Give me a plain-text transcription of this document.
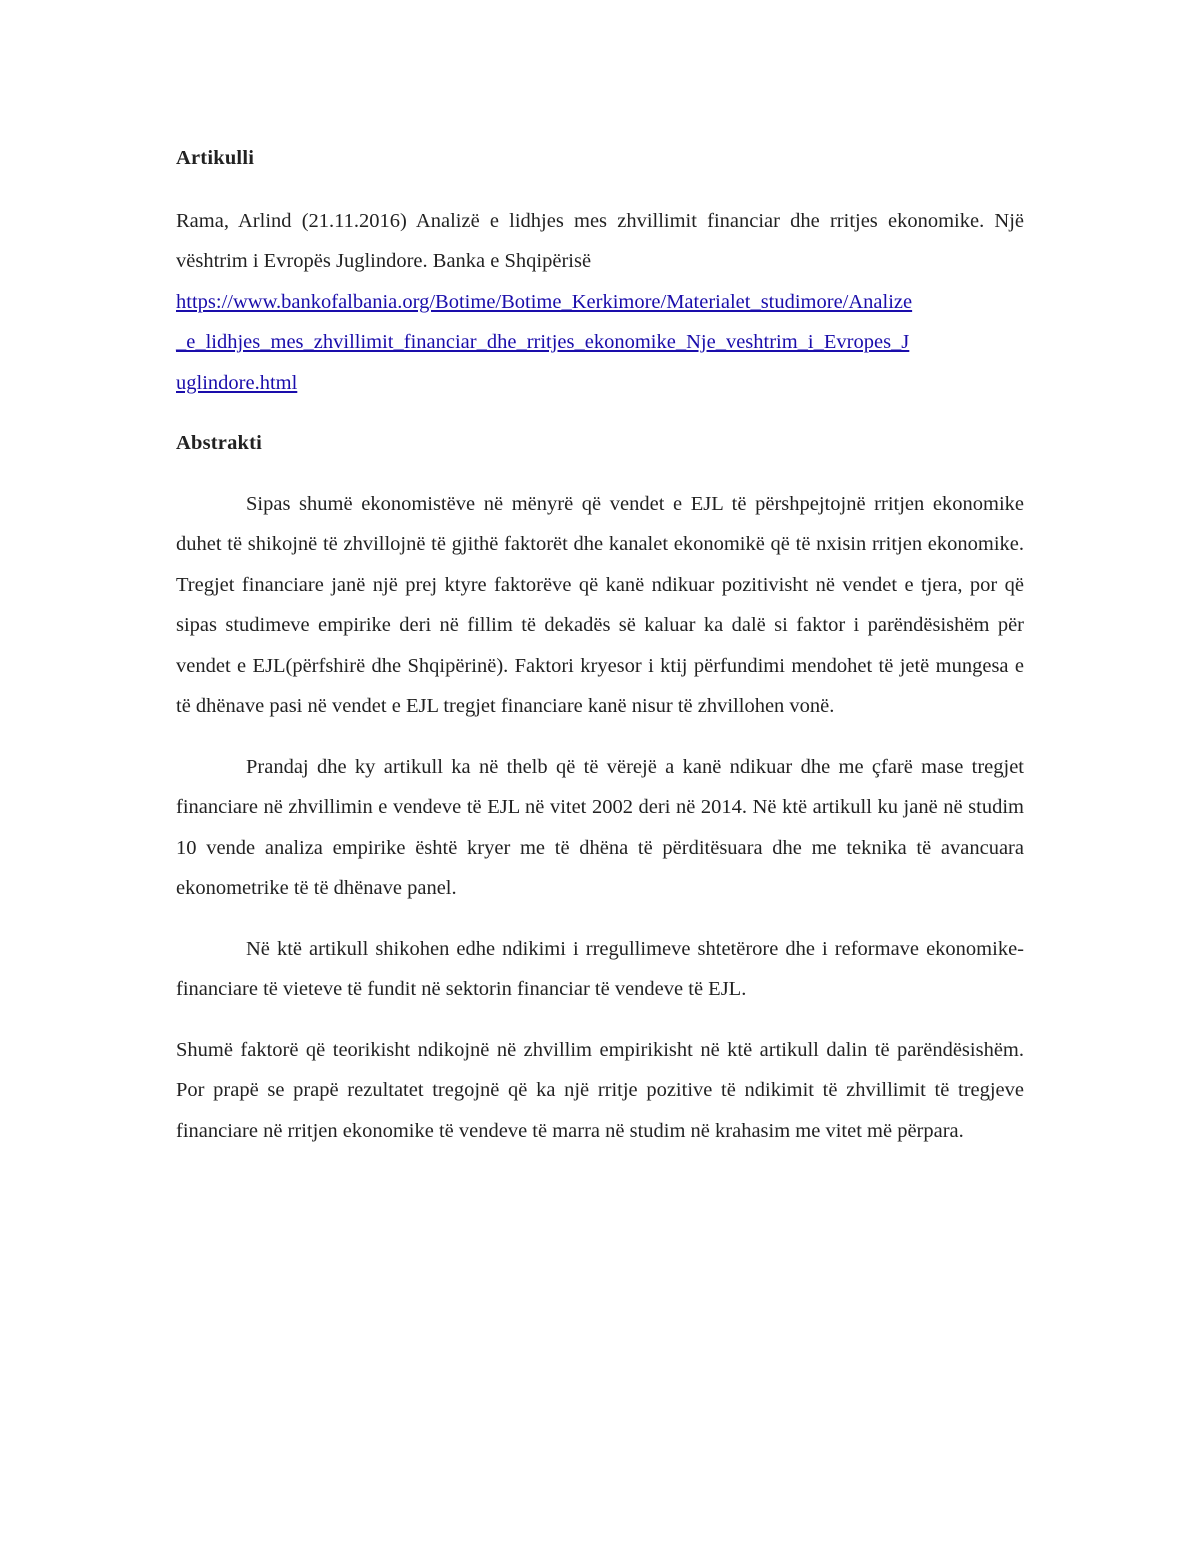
Artikulli

Rama, Arlind (21.11.2016) Analizë e lidhjes mes zhvillimit financiar dhe rritjes ekonomike. Një vështrim i Evropës Juglindore. Banka e Shqipërisë

https://www.bankofalbania.org/Botime/Botime_Kerkimore/Materialet_studimore/Analize
_e_lidhjes_mes_zhvillimit_financiar_dhe_rritjes_ekonomike_Nje_veshtrim_i_Evropes_J
uglindore.html

Abstrakti

Sipas shumë ekonomistëve në mënyrë që vendet e EJL të përshpejtojnë rritjen ekonomike duhet të shikojnë të zhvillojnë të gjithë faktorët dhe kanalet ekonomikë që të nxisin rritjen ekonomike. Tregjet financiare janë një prej ktyre faktorëve që kanë ndikuar pozitivisht në vendet e tjera, por që sipas studimeve empirike deri në fillim të dekadës së kaluar ka dalë si faktor i parëndësishëm për vendet e EJL(përfshirë dhe Shqipërinë). Faktori kryesor i ktij përfundimi mendohet të jetë mungesa e të dhënave pasi në vendet e EJL tregjet financiare kanë nisur të zhvillohen vonë.

Prandaj dhe ky artikull ka në thelb që të vërejë a kanë ndikuar dhe me çfarë mase tregjet financiare në zhvillimin e vendeve të EJL në vitet 2002 deri në 2014. Në ktë artikull ku janë në studim 10 vende analiza empirike është kryer me të dhëna të përditësuara dhe me teknika të avancuara ekonometrike të të dhënave panel.

Në ktë artikull shikohen edhe ndikimi i rregullimeve shtetërore dhe i reformave ekonomike-financiare të vieteve të fundit në sektorin financiar të vendeve të EJL.

Shumë faktorë që teorikisht ndikojnë në zhvillim empirikisht në ktë artikull dalin të parëndësishëm. Por prapë se prapë rezultatet tregojnë që ka një rritje pozitive të ndikimit të zhvillimit të tregjeve financiare në rritjen ekonomike të vendeve të marra në studim në krahasim me vitet më përpara.
